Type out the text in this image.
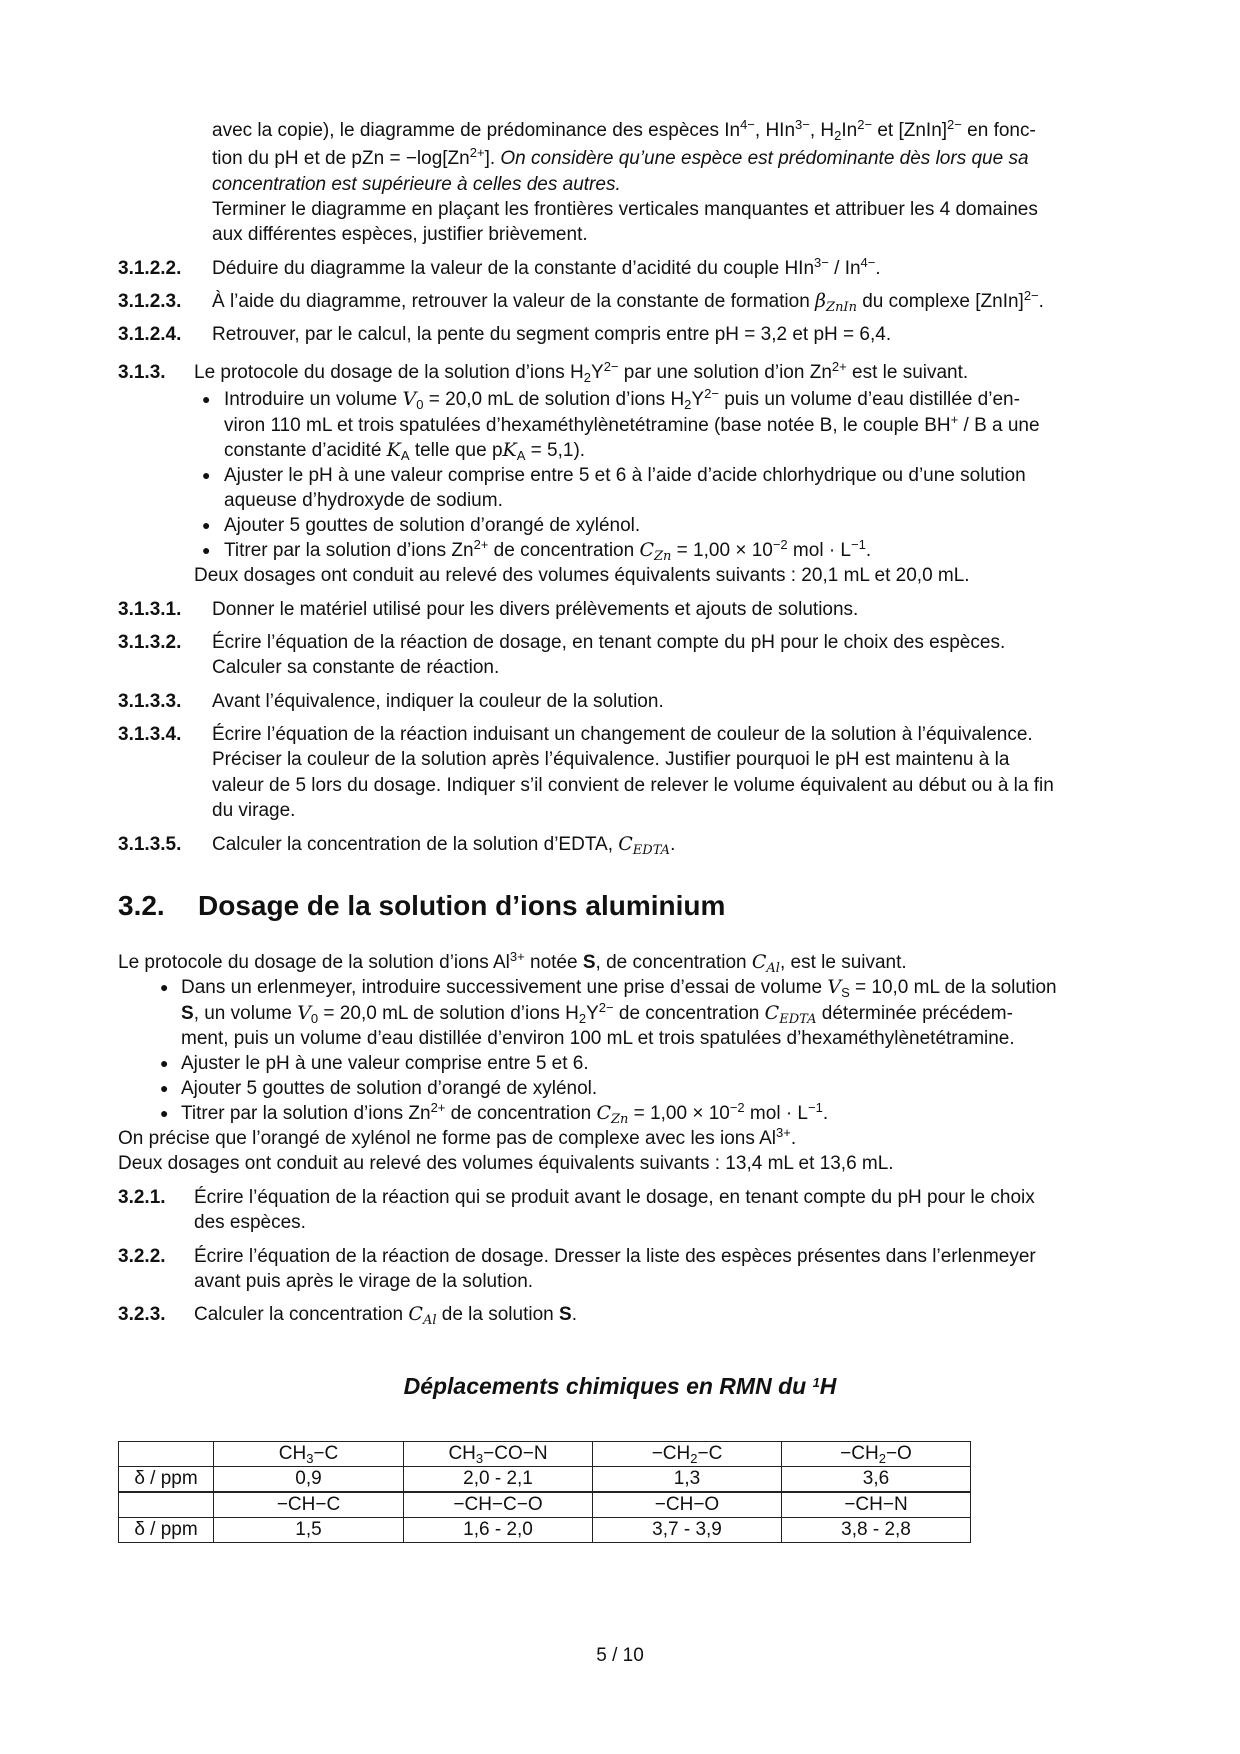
avec la copie), le diagramme de prédominance des espèces $In^{4-}$, HIn$^{3-}$, $H_2In^{2-}$ et [ZnIn]$^{2-}$ en fonc-
tion du pH et de pZn = $-\log[Zn^{2+}]$. On considère qu’une espèce est prédominante dès lors que sa
concentration est supérieure à celles des autres.
Terminer le diagramme en plaçant les frontières verticales manquantes et attribuer les 4 domaines
aux différentes espèces, justifier brièvement.
3.1.2.2. Déduire du diagramme la valeur de la constante d’acidité du couple $HIn^{3-} / In^{4-}$.
3.1.2.3. À l’aide du diagramme, retrouver la valeur de la constante de formation $\beta_{ZnIn}$ du complexe [ZnIn]$^{2-}$.
3.1.2.4. Retrouver, par le calcul, la pente du segment compris entre pH = 3,2 et pH = 6,4.
3.1.3. Le protocole du dosage de la solution d’ions $H_2Y^{2-}$ par une solution d’ion $Zn^{2+}$ est le suivant.
● Introduire un volume $V_0 = 20,0$ mL de solution d’ions $H_2Y^{2-}$ puis un volume d’eau distillée d’en-
viron 110 mL et trois spatulées d’hexaméthylènetétramine (base notée B, le couple BH+ / B a une
constante d’acidité $K_A$ telle que $pK_A = 5,1$).
● Ajuster le pH à une valeur comprise entre 5 et 6 à l’aide d’acide chlorhydrique ou d’une solution
aqueuse d’hydroxyde de sodium.
● Ajouter 5 gouttes de solution d’orangé de xylénol.
● Titrer par la solution d’ions $Zn^{2+}$ de concentration $C_{Zn} = 1,00 \times 10^{-2}$ mol · $L^{-1}$.
Deux dosages ont conduit au relevé des volumes équivalents suivants : 20,1 mL et 20,0 mL.
3.1.3.1. Donner le matériel utilisé pour les divers prélèvements et ajouts de solutions.
3.1.3.2. Écrire l’équation de la réaction de dosage, en tenant compte du pH pour le choix des espèces.
Calculer sa constante de réaction.
3.1.3.3. Avant l’équivalence, indiquer la couleur de la solution.
3.1.3.4. Écrire l’équation de la réaction induisant un changement de couleur de la solution à l’équivalence.
Préciser la couleur de la solution après l’équivalence. Justifier pourquoi le pH est maintenu à la
valeur de 5 lors du dosage. Indiquer s’il convient de relever le volume équivalent au début ou à la fin
du virage.
3.1.3.5. Calculer la concentration de la solution d’EDTA, $C_{EDTA}$.
3.2. Dosage de la solution d’ions aluminium
Le protocole du dosage de la solution d’ions $Al^{3+}$ notée S, de concentration $C_{Al}$, est le suivant.
● Dans un erlenmeyer, introduire successivement une prise d’essai de volume $V_S = 10,0$ mL de la solution
S, un volume $V_0 = 20,0$ mL de solution d’ions $H_2Y^{2-}$ de concentration $C_{EDTA}$ déterminée précédem-
ment, puis un volume d’eau distillée d’environ 100 mL et trois spatulées d’hexaméthylènetétramine.
● Ajuster le pH à une valeur comprise entre 5 et 6.
● Ajouter 5 gouttes de solution d’orangé de xylénol.
● Titrer par la solution d’ions $Zn^{2+}$ de concentration $C_{Zn} = 1,00 \times 10^{-2}$ mol · $L^{-1}$.
On précise que l’orangé de xylénol ne forme pas de complexe avec les ions $Al^{3+}$.
Deux dosages ont conduit au relevé des volumes équivalents suivants : 13,4 mL et 13,6 mL.
3.2.1. Écrire l’équation de la réaction qui se produit avant le dosage, en tenant compte du pH pour le choix
des espèces.
3.2.2. Écrire l’équation de la réaction de dosage. Dresser la liste des espèces présentes dans l’erlenmeyer
avant puis après le virage de la solution.
3.2.3. Calculer la concentration $C_{Al}$ de la solution S.
Déplacements chimiques en RMN du $^1$H
	$CH_3-C$	$CH_3-CO-N$	$-CH_2-C$	$-CH_2-O$
δ / ppm	0,9	2,0 - 2,1	1,3	3,6
	−CH−C	−CH−C−O	−CH−O	−CH−N
δ / ppm	1,5	1,6 - 2,0	3,7 - 3,9	3,8 - 2,8
5 / 10
